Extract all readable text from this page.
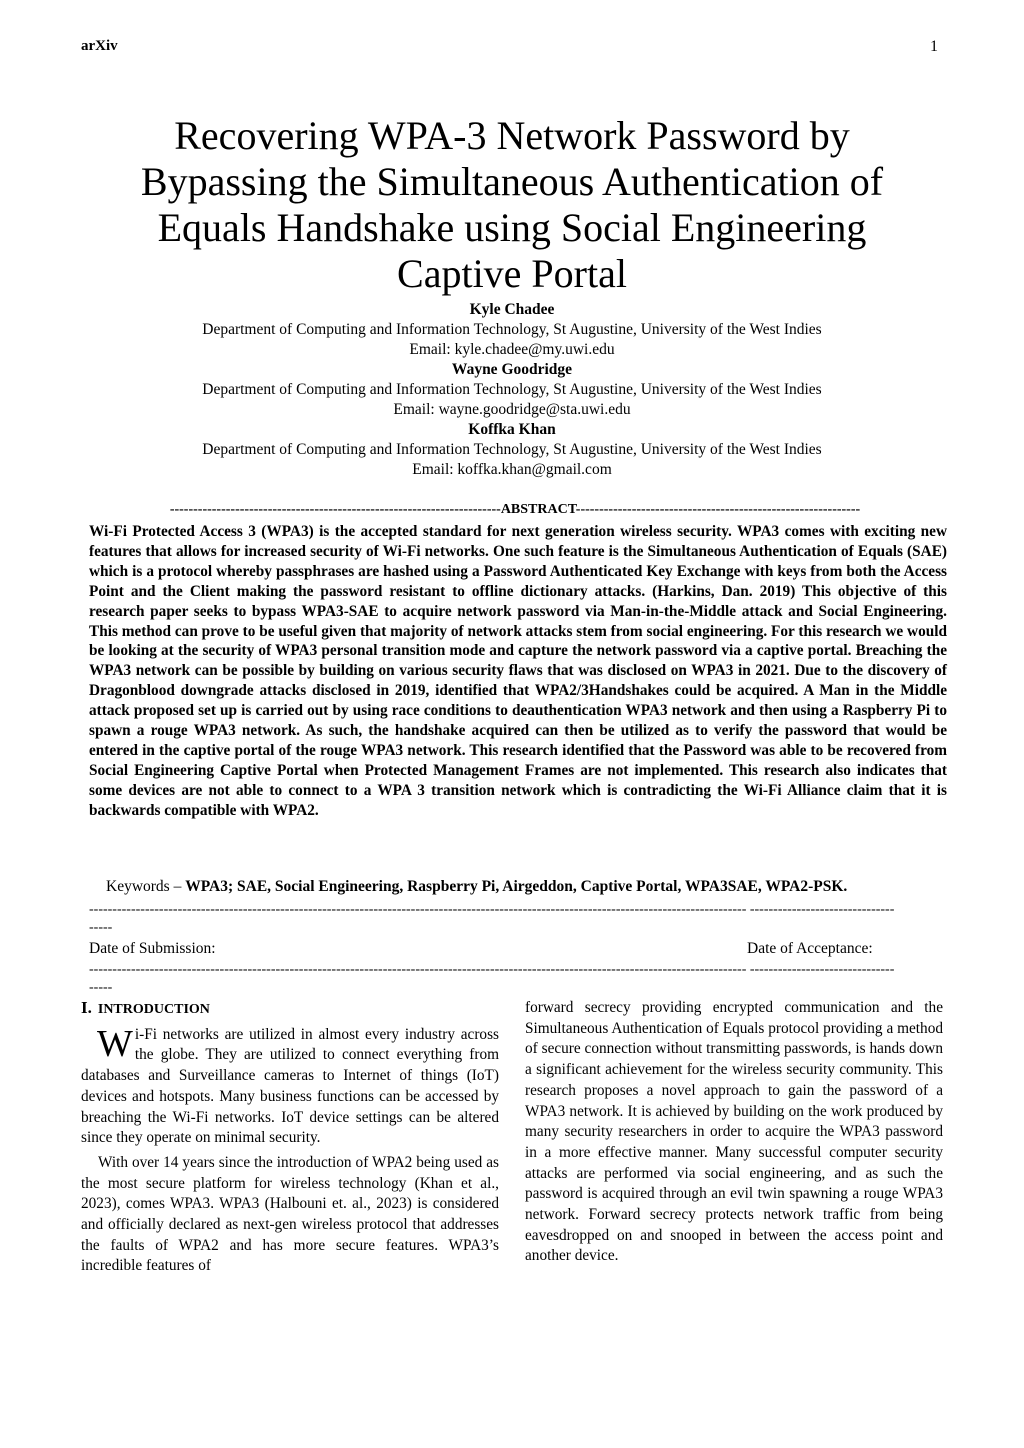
arXiv	1
Recovering WPA-3 Network Password by
Bypassing the Simultaneous Authentication of
Equals Handshake using Social Engineering
Captive Portal
Kyle Chadee
Department of Computing and Information Technology, St Augustine, University of the West Indies
Email: kyle.chadee@my.uwi.edu
Wayne Goodridge
Department of Computing and Information Technology, St Augustine, University of the West Indies
Email: wayne.goodridge@sta.uwi.edu
Koffka Khan
Department of Computing and Information Technology, St Augustine, University of the West Indies
Email: koffka.khan@gmail.com
-----------------------------------------------------------------------ABSTRACT-------------------------------------------------------------
Wi-Fi Protected Access 3 (WPA3) is the accepted standard for next generation wireless security. WPA3 comes with exciting new features that allows for increased security of Wi-Fi networks. One such feature is the Simultaneous Authentication of Equals (SAE) which is a protocol whereby passphrases are hashed using a Password Authenticated Key Exchange with keys from both the Access Point and the Client making the password resistant to offline dictionary attacks. (Harkins, Dan. 2019) This objective of this research paper seeks to bypass WPA3-SAE to acquire network password via Man-in-the-Middle attack and Social Engineering. This method can prove to be useful given that majority of network attacks stem from social engineering. For this research we would be looking at the security of WPA3 personal transition mode and capture the network password via a captive portal. Breaching the WPA3 network can be possible by building on various security flaws that was disclosed on WPA3 in 2021. Due to the discovery of Dragonblood downgrade attacks disclosed in 2019, identified that WPA2/3Handshakes could be acquired. A Man in the Middle attack proposed set up is carried out by using race conditions to deauthentication WPA3 network and then using a Raspberry Pi to spawn a rouge WPA3 network. As such, the handshake acquired can then be utilized as to verify the password that would be entered in the captive portal of the rouge WPA3 network. This research identified that the Password was able to be recovered from Social Engineering Captive Portal when Protected Management Frames are not implemented. This research also indicates that some devices are not able to connect to a WPA 3 transition network which is contradicting the Wi-Fi Alliance claim that it is backwards compatible with WPA2.
Keywords – WPA3; SAE, Social Engineering, Raspberry Pi, Airgeddon, Captive Portal, WPA3SAE, WPA2-PSK.
--------------------------------------------------------------------------------------------------------------------------------------------- -------------------------------
-----
Date of Submission:	Date of Acceptance:
--------------------------------------------------------------------------------------------------------------------------------------------- -------------------------------
-----
I. INTRODUCTION

Wi-Fi networks are utilized in almost every industry across the globe. They are utilized to connect everything from databases and Surveillance cameras to Internet of things (IoT) devices and hotspots. Many business functions can be accessed by breaching the Wi-Fi networks. IoT device settings can be altered since they operate on minimal security.

With over 14 years since the introduction of WPA2 being used as the most secure platform for wireless technology (Khan et al., 2023), comes WPA3. WPA3 (Halbouni et. al., 2023) is considered and officially declared as next-gen wireless protocol that addresses the faults of WPA2 and has more secure features. WPA3’s incredible features of

forward secrecy providing encrypted communication and the Simultaneous Authentication of Equals protocol providing a method of secure connection without transmitting passwords, is hands down a significant achievement for the wireless security community. This research proposes a novel approach to gain the password of a WPA3 network. It is achieved by building on the work produced by many security researchers in order to acquire the WPA3 password in a more effective manner. Many successful computer security attacks are performed via social engineering, and as such the password is acquired through an evil twin spawning a rouge WPA3 network. Forward secrecy protects network traffic from being eavesdropped on and snooped in between the access point and another device.
